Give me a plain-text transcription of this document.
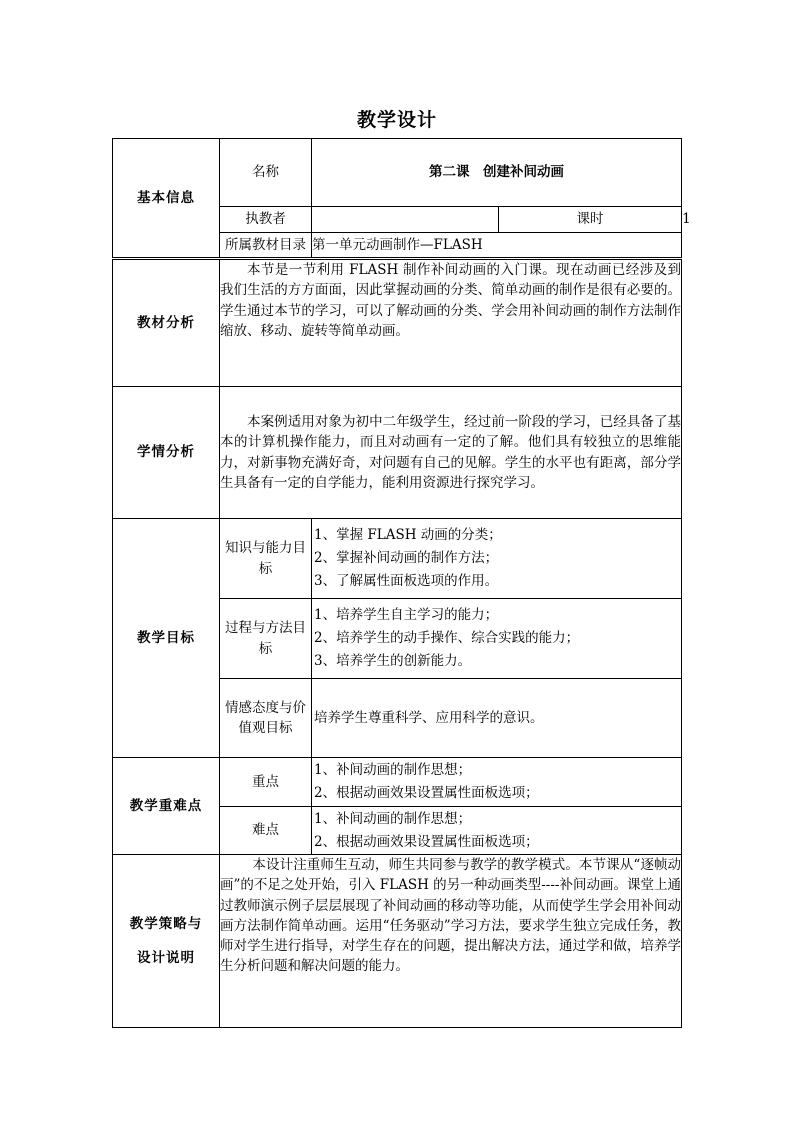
教学设计
基本信息	名称	第二课　创建补间动画		
	执教者		课时	1
	所属教材目录	第一单元动画制作—FLASH		
教材分析	本节是一节利用 FLASH 制作补间动画的入门课。现在动画已经涉及到我们生活的方方面面，因此掌握动画的分类、简单动画的制作是很有必要的。学生通过本节的学习，可以了解动画的分类、学会用补间动画的制作方法制作缩放、移动、旋转等简单动画。			
学情分析	本案例适用对象为初中二年级学生，经过前一阶段的学习，已经具备了基本的计算机操作能力，而且对动画有一定的了解。他们具有较独立的思维能力，对新事物充满好奇，对问题有自己的见解。学生的水平也有距离，部分学生具备有一定的自学能力，能利用资源进行探究学习。			
教学目标	知识与能力目标	1、掌握 FLASH 动画的分类；
2、掌握补间动画的制作方法；
3、了解属性面板选项的作用。		

	过程与方法目标	1、培养学生自主学习的能力；
2、培养学生的动手操作、综合实践的能力；
3、培养学生的创新能力。		

	情感态度与价值观目标	培养学生尊重科学、应用科学的意识。		
教学重难点	重点	1、补间动画的制作思想；
2、根据动画效果设置属性面板选项；		

	难点	1、补间动画的制作思想；
2、根据动画效果设置属性面板选项；		

教学策略与 设计说明	本设计注重师生互动，师生共同参与教学的教学模式。本节课从“逐帧动画”的不足之处开始，引入 FLASH 的另一种动画类型----补间动画。课堂上通过教师演示例子层层展现了补间动画的移动等功能，从而使学生学会用补间动画方法制作简单动画。运用“任务驱动”学习方法，要求学生独立完成任务，教师对学生进行指导，对学生存在的问题，提出解决方法，通过学和做，培养学生分析问题和解决问题的能力。			
